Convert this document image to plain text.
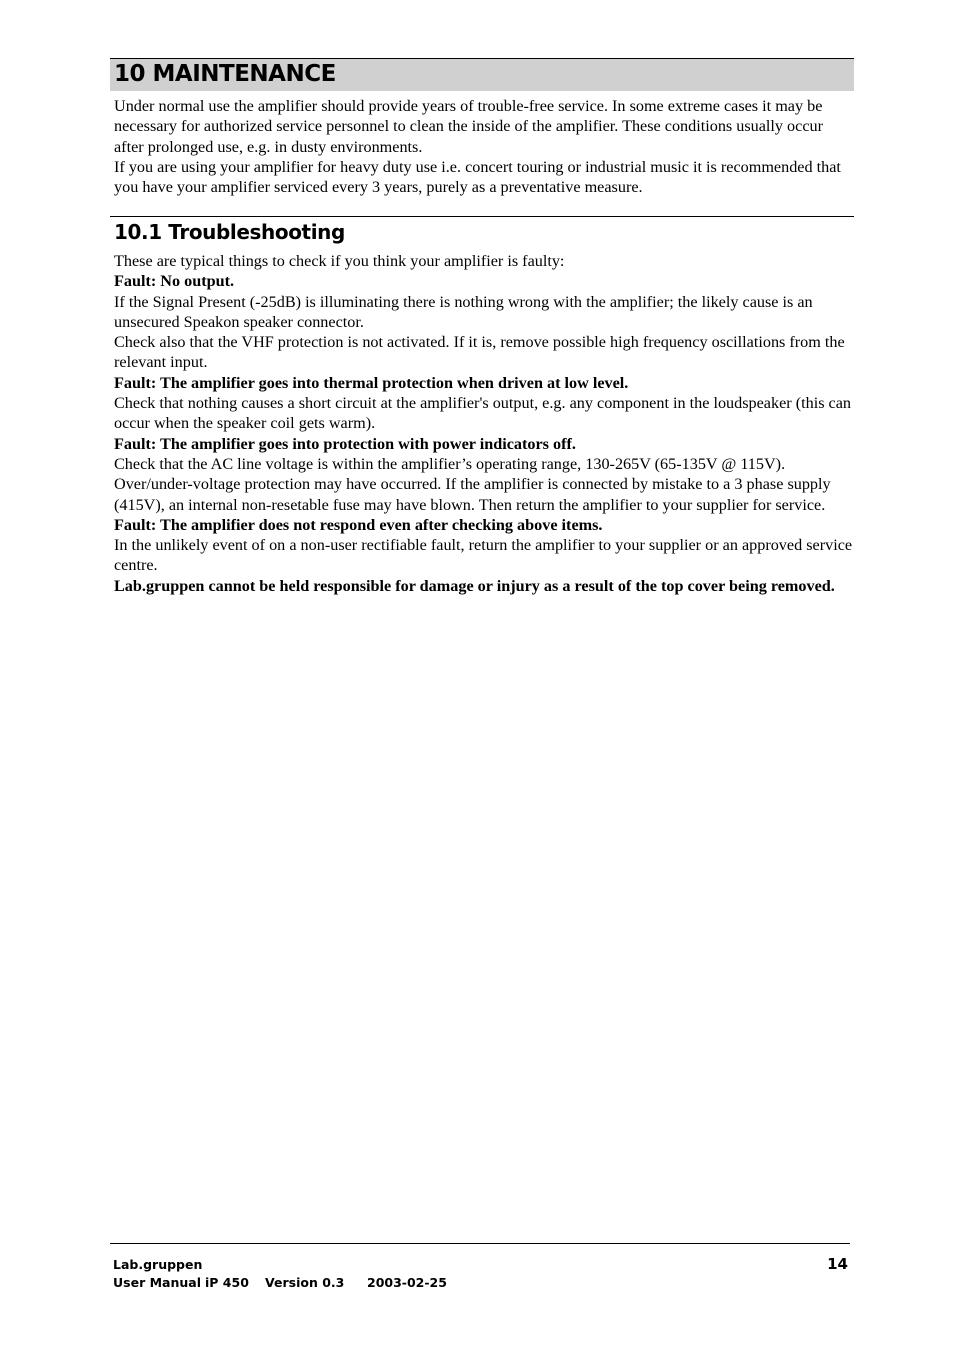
10 MAINTENANCE

Under normal use the amplifier should provide years of trouble-free service. In some extreme cases it may be necessary for authorized service personnel to clean the inside of the amplifier. These conditions usually occur after prolonged use, e.g. in dusty environments.

If you are using your amplifier for heavy duty use i.e. concert touring or industrial music it is recommended that you have your amplifier serviced every 3 years, purely as a preventative measure.

10.1 Troubleshooting

These are typical things to check if you think your amplifier is faulty:

Fault: No output.

If the Signal Present (-25dB) is illuminating there is nothing wrong with the amplifier; the likely cause is an unsecured Speakon speaker connector.

Check also that the VHF protection is not activated. If it is, remove possible high frequency oscillations from the relevant input.

Fault: The amplifier goes into thermal protection when driven at low level.

Check that nothing causes a short circuit at the amplifier's output, e.g. any component in the loudspeaker (this can occur when the speaker coil gets warm).

Fault: The amplifier goes into protection with power indicators off.

Check that the AC line voltage is within the amplifier’s operating range, 130-265V (65-135V @ 115V). Over/under-voltage protection may have occurred. If the amplifier is connected by mistake to a 3 phase supply (415V), an internal non-resetable fuse may have blown. Then return the amplifier to your supplier for service.

Fault: The amplifier does not respond even after checking above items.

In the unlikely event of on a non-user rectifiable fault, return the amplifier to your supplier or an approved service centre.

Lab.gruppen cannot be held responsible for damage or injury as a result of the top cover being removed.

Lab.gruppen
User Manual iP 450 Version 0.3 2003-02-25
14
